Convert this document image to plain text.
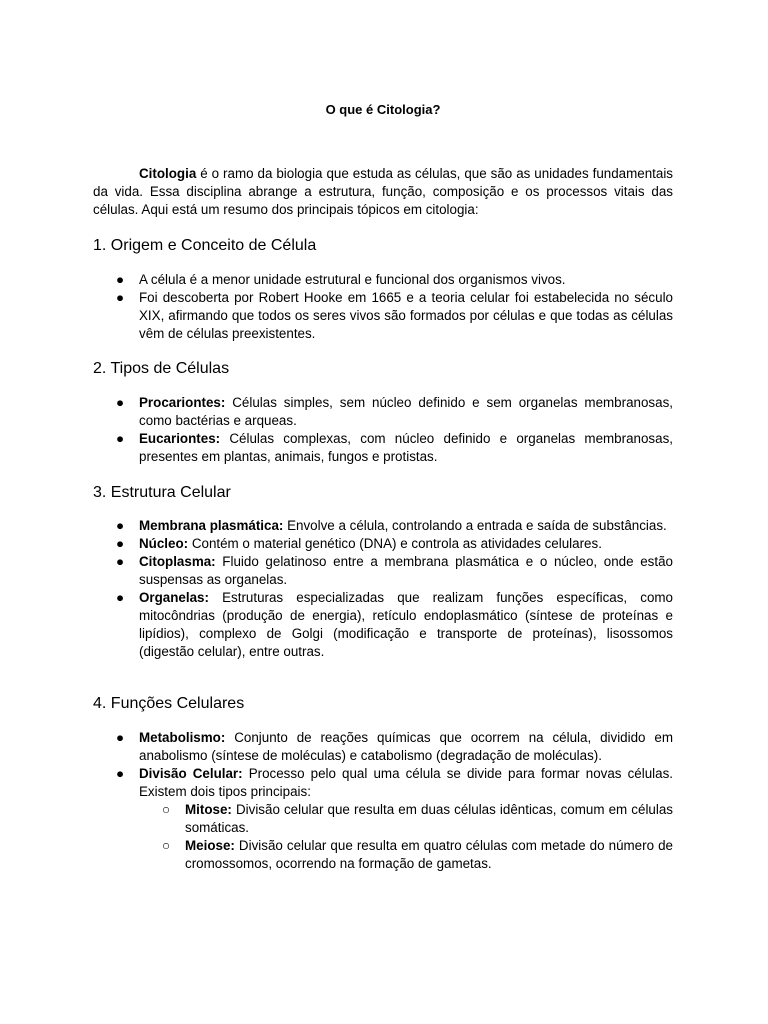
O que é Citologia?

Citologia é o ramo da biologia que estuda as células, que são as unidades fundamentais da vida. Essa disciplina abrange a estrutura, função, composição e os processos vitais das células. Aqui está um resumo dos principais tópicos em citologia:

1. Origem e Conceito de Célula
● A célula é a menor unidade estrutural e funcional dos organismos vivos.
● Foi descoberta por Robert Hooke em 1665 e a teoria celular foi estabelecida no século XIX, afirmando que todos os seres vivos são formados por células e que todas as células vêm de células preexistentes.
2. Tipos de Células
● Procariontes: Células simples, sem núcleo definido e sem organelas membranosas, como bactérias e arqueas.
● Eucariontes: Células complexas, com núcleo definido e organelas membranosas, presentes em plantas, animais, fungos e protistas.
3. Estrutura Celular
● Membrana plasmática: Envolve a célula, controlando a entrada e saída de substâncias.
● Núcleo: Contém o material genético (DNA) e controla as atividades celulares.
● Citoplasma: Fluido gelatinoso entre a membrana plasmática e o núcleo, onde estão suspensas as organelas.
● Organelas: Estruturas especializadas que realizam funções específicas, como mitocôndrias (produção de energia), retículo endoplasmático (síntese de proteínas e lipídios), complexo de Golgi (modificação e transporte de proteínas), lisossomos (digestão celular), entre outras.
4. Funções Celulares
● Metabolismo: Conjunto de reações químicas que ocorrem na célula, dividido em anabolismo (síntese de moléculas) e catabolismo (degradação de moléculas).
● Divisão Celular: Processo pelo qual uma célula se divide para formar novas células. Existem dois tipos principais:
○ Mitose: Divisão celular que resulta em duas células idênticas, comum em células somáticas.
○ Meiose: Divisão celular que resulta em quatro células com metade do número de cromossomos, ocorrendo na formação de gametas.
